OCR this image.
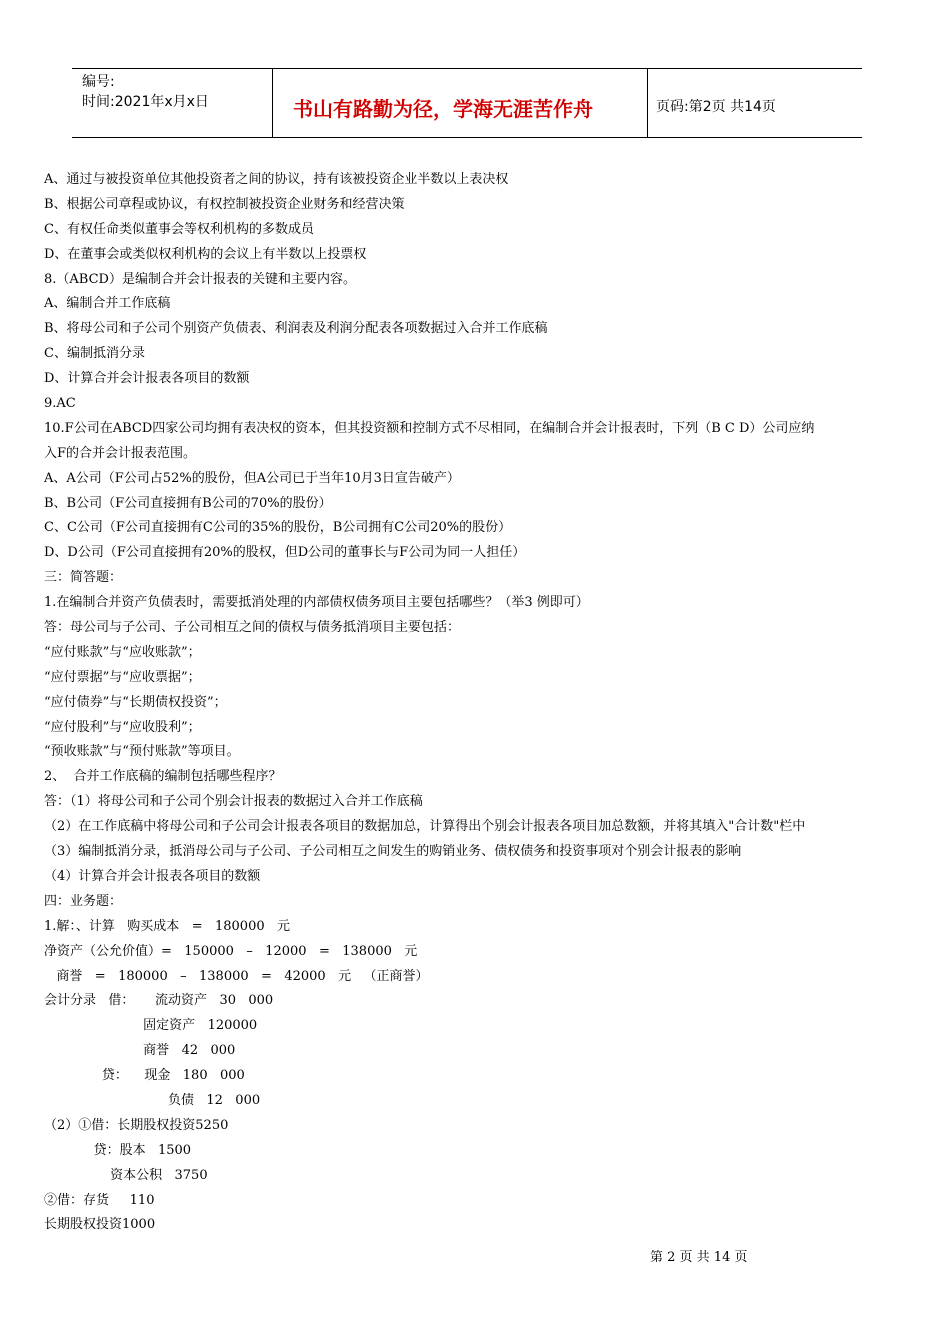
编号:
时间:2021年x月x日	书山有路勤为径，学海无涯苦作舟	页码:第2页 共14页
A、通过与被投资单位其他投资者之间的协议，持有该被投资企业半数以上表决权
B、根据公司章程或协议，有权控制被投资企业财务和经营决策
C、有权任命类似董事会等权利机构的多数成员
D、在董事会或类似权利机构的会议上有半数以上投票权
8.（ABCD）是编制合并会计报表的关键和主要内容。
A、编制合并工作底稿
B、将母公司和子公司个别资产负债表、利润表及利润分配表各项数据过入合并工作底稿
C、编制抵消分录
D、计算合并会计报表各项目的数额
9.AC
10.F公司在ABCD四家公司均拥有表决权的资本，但其投资额和控制方式不尽相同，在编制合并会计报表时，下列（B C D）公司应纳
入F的合并会计报表范围。
A、A公司（F公司占52%的股份，但A公司已于当年10月3日宣告破产）
B、B公司（F公司直接拥有B公司的70%的股份）
C、C公司（F公司直接拥有C公司的35%的股份，B公司拥有C公司20%的股份）
D、D公司（F公司直接拥有20%的股权，但D公司的董事长与F公司为同一人担任）
三：简答题：
1.在编制合并资产负债表时，需要抵消处理的内部债权债务项目主要包括哪些？（举3 例即可）
答：母公司与子公司、子公司相互之间的债权与债务抵消项目主要包括：
“应付账款”与“应收账款”；
“应付票据”与“应收票据”；
“应付债券”与“长期债权投资”；
“应付股利”与“应收股利”；
“预收账款”与“预付账款”等项目。
2、  合并工作底稿的编制包括哪些程序？
答：（1）将母公司和子公司个别会计报表的数据过入合并工作底稿
（2）在工作底稿中将母公司和子公司会计报表各项目的数据加总，计算得出个别会计报表各项目加总数额，并将其填入"合计数"栏中
（3）编制抵消分录，抵消母公司与子公司、子公司相互之间发生的购销业务、债权债务和投资事项对个别会计报表的影响
（4）计算合并会计报表各项目的数额
四：业务题：
1.解：、计算   购买成本   =   180000   元
净资产（公允价值）=   150000   –   12000   =   138000   元
商誉   =   180000   –   138000   =   42000   元   （正商誉）
会计分录   借：     流动资产   30   000
固定资产   120000
商誉   42   000
贷：    现金   180   000
负债   12   000
（2）①借：长期股权投资5250
贷：股本   1500
资本公积   3750
②借：存货     110
长期股权投资1000
第 2 页 共 14 页
